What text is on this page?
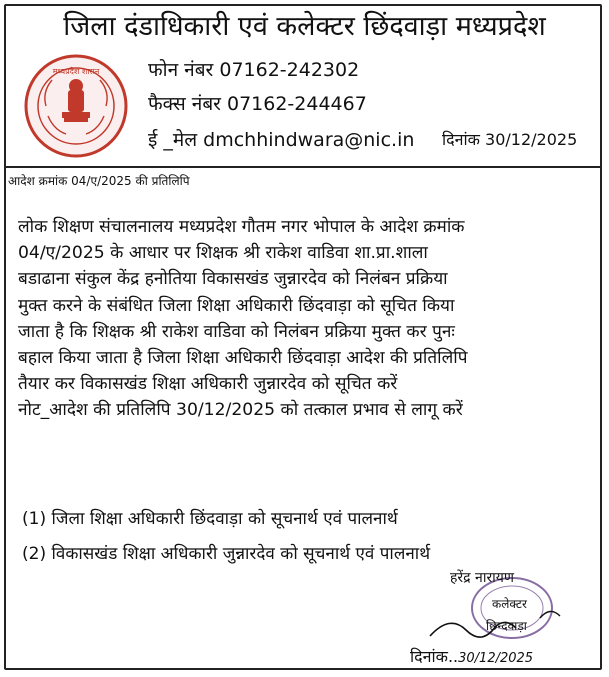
जिला दंडाधिकारी एवं कलेक्टर छिंदवाड़ा मध्यप्रदेश
मध्यप्रदेश शासन	फोन नंबर 07162-242302
फैक्स नंबर 07162-244467
ई _मेल dmchhindwara@nic.in दिनांक 30/12/2025
आदेश क्रमांक 04/ए/2025 की प्रतिलिपि
लोक शिक्षण संचालनालय मध्यप्रदेश गौतम नगर भोपाल के आदेश क्रमांक
04/ए/2025 के आधार पर शिक्षक श्री राकेश वाडिवा शा.प्रा.शाला
बडाढाना संकुल केंद्र हनोतिया विकासखंड जुन्नारदेव को निलंबन प्रक्रिया
मुक्त करने के संबंधित जिला शिक्षा अधिकारी छिंदवाड़ा को सूचित किया
जाता है कि शिक्षक श्री राकेश वाडिवा को निलंबन प्रक्रिया मुक्त कर पुनः
बहाल किया जाता है जिला शिक्षा अधिकारी छिंदवाड़ा आदेश की प्रतिलिपि
तैयार कर विकासखंड शिक्षा अधिकारी जुन्नारदेव को सूचित करें
नोट_आदेश की प्रतिलिपि 30/12/2025 को तत्काल प्रभाव से लागू करें
(1) जिला शिक्षा अधिकारी छिंदवाड़ा को सूचनार्थ एवं पालनार्थ
(2) विकासखंड शिक्षा अधिकारी जुन्नारदेव को सूचनार्थ एवं पालनार्थ
हरेंद्र नारायण
कलेक्टर
छिन्दवाड़ा
दिनांक..30/12/2025
